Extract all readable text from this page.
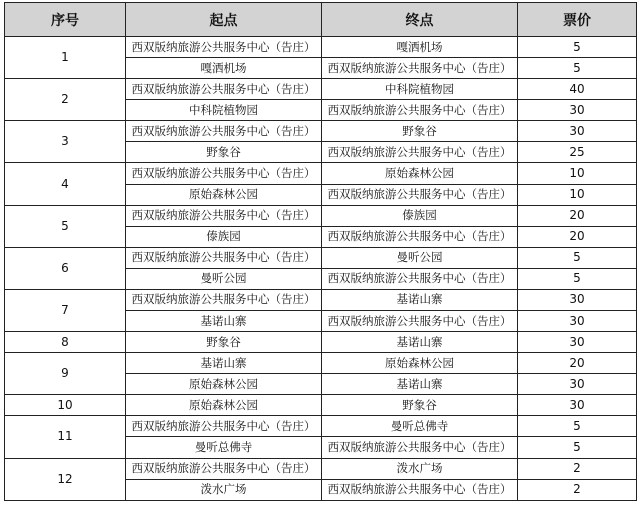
序号	起点	终点	票价
1	西双版纳旅游公共服务中心（告庄）	嘎洒机场	5
	嘎洒机场	西双版纳旅游公共服务中心（告庄）	5
2	西双版纳旅游公共服务中心（告庄）	中科院植物园	40
	中科院植物园	西双版纳旅游公共服务中心（告庄）	30
3	西双版纳旅游公共服务中心（告庄）	野象谷	30
	野象谷	西双版纳旅游公共服务中心（告庄）	25
4	西双版纳旅游公共服务中心（告庄）	原始森林公园	10
	原始森林公园	西双版纳旅游公共服务中心（告庄）	10
5	西双版纳旅游公共服务中心（告庄）	傣族园	20
	傣族园	西双版纳旅游公共服务中心（告庄）	20
6	西双版纳旅游公共服务中心（告庄）	曼听公园	5
	曼听公园	西双版纳旅游公共服务中心（告庄）	5
7	西双版纳旅游公共服务中心（告庄）	基诺山寨	30
	基诺山寨	西双版纳旅游公共服务中心（告庄）	30
8	野象谷	基诺山寨	30
9	基诺山寨	原始森林公园	20
	原始森林公园	基诺山寨	30
10	原始森林公园	野象谷	30
11	西双版纳旅游公共服务中心（告庄）	曼听总佛寺	5
	曼听总佛寺	西双版纳旅游公共服务中心（告庄）	5
12	西双版纳旅游公共服务中心（告庄）	泼水广场	2
	泼水广场	西双版纳旅游公共服务中心（告庄）	2
